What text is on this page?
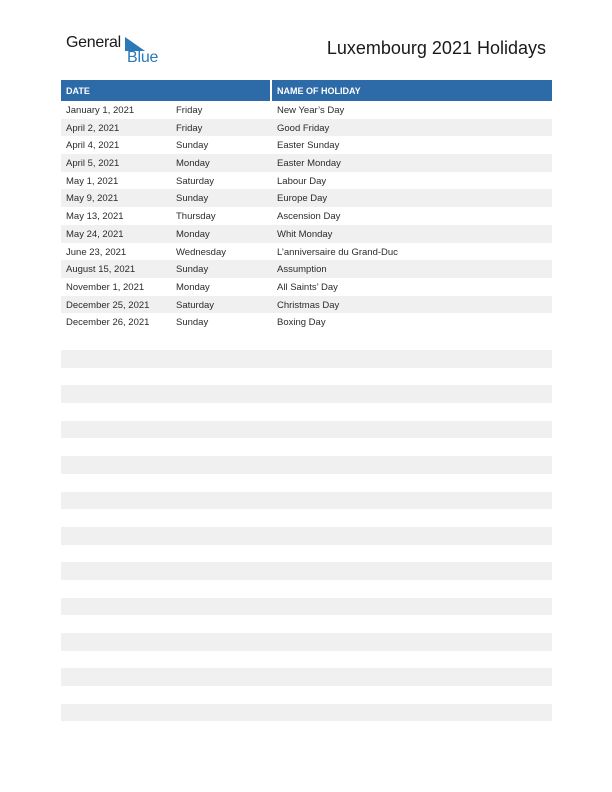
General
Blue	Luxembourg 2021 Holidays
DATE	NAME OF HOLIDAY
January 1, 2021	Friday	New Year’s Day
April 2, 2021	Friday	Good Friday
April 4, 2021	Sunday	Easter Sunday
April 5, 2021	Monday	Easter Monday
May 1, 2021	Saturday	Labour Day
May 9, 2021	Sunday	Europe Day
May 13, 2021	Thursday	Ascension Day
May 24, 2021	Monday	Whit Monday
June 23, 2021	Wednesday	L’anniversaire du Grand-Duc
August 15, 2021	Sunday	Assumption
November 1, 2021	Monday	All Saints’ Day
December 25, 2021	Saturday	Christmas Day
December 26, 2021	Sunday	Boxing Day
